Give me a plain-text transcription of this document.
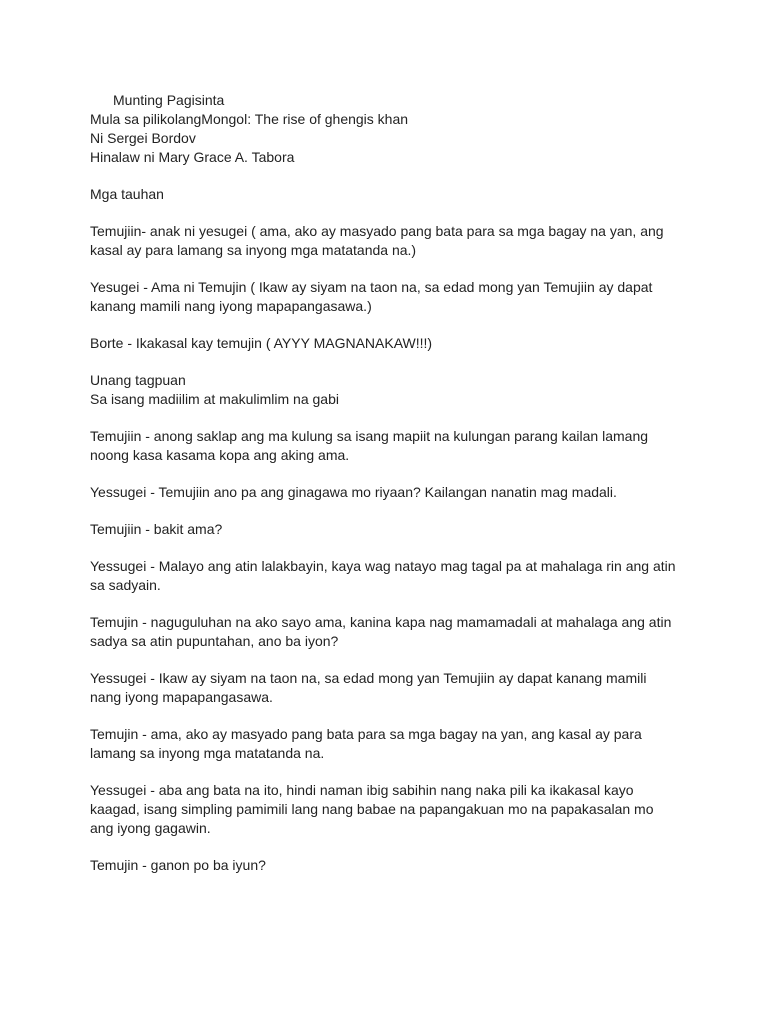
Munting Pagisinta
Mula sa pilikolangMongol: The rise of ghengis khan
Ni Sergei Bordov
Hinalaw ni Mary Grace A. Tabora
Mga tauhan
Temujiin- anak ni yesugei ( ama, ako ay masyado pang bata para sa mga bagay na yan, ang kasal ay para lamang sa inyong mga matatanda na.)
Yesugei - Ama ni Temujin ( Ikaw ay siyam na taon na, sa edad mong yan Temujiin ay dapat kanang mamili nang iyong mapapangasawa.)
Borte - Ikakasal kay temujin ( AYYY MAGNANAKAW!!!)
Unang tagpuan
Sa isang madiilim at makulimlim na gabi
Temujiin - anong saklap ang ma kulung sa isang mapiit na kulungan parang kailan lamang noong kasa kasama kopa ang aking ama.
Yessugei - Temujiin ano pa ang ginagawa mo riyaan? Kailangan nanatin mag madali.
Temujiin - bakit ama?
Yessugei - Malayo ang atin lalakbayin, kaya wag natayo mag tagal pa at mahalaga rin ang atin sa sadyain.
Temujin - naguguluhan na ako sayo ama, kanina kapa nag mamamadali at mahalaga ang atin sadya sa atin pupuntahan, ano ba iyon?
Yessugei - Ikaw ay siyam na taon na, sa edad mong yan Temujiin ay dapat kanang mamili nang iyong mapapangasawa.
Temujin - ama, ako ay masyado pang bata para sa mga bagay na yan, ang kasal ay para lamang sa inyong mga matatanda na.
Yessugei - aba ang bata na ito, hindi naman ibig sabihin nang naka pili ka ikakasal kayo kaagad, isang simpling pamimili lang nang babae na papangakuan mo na papakasalan mo ang iyong gagawin.
Temujin - ganon po ba iyun?
